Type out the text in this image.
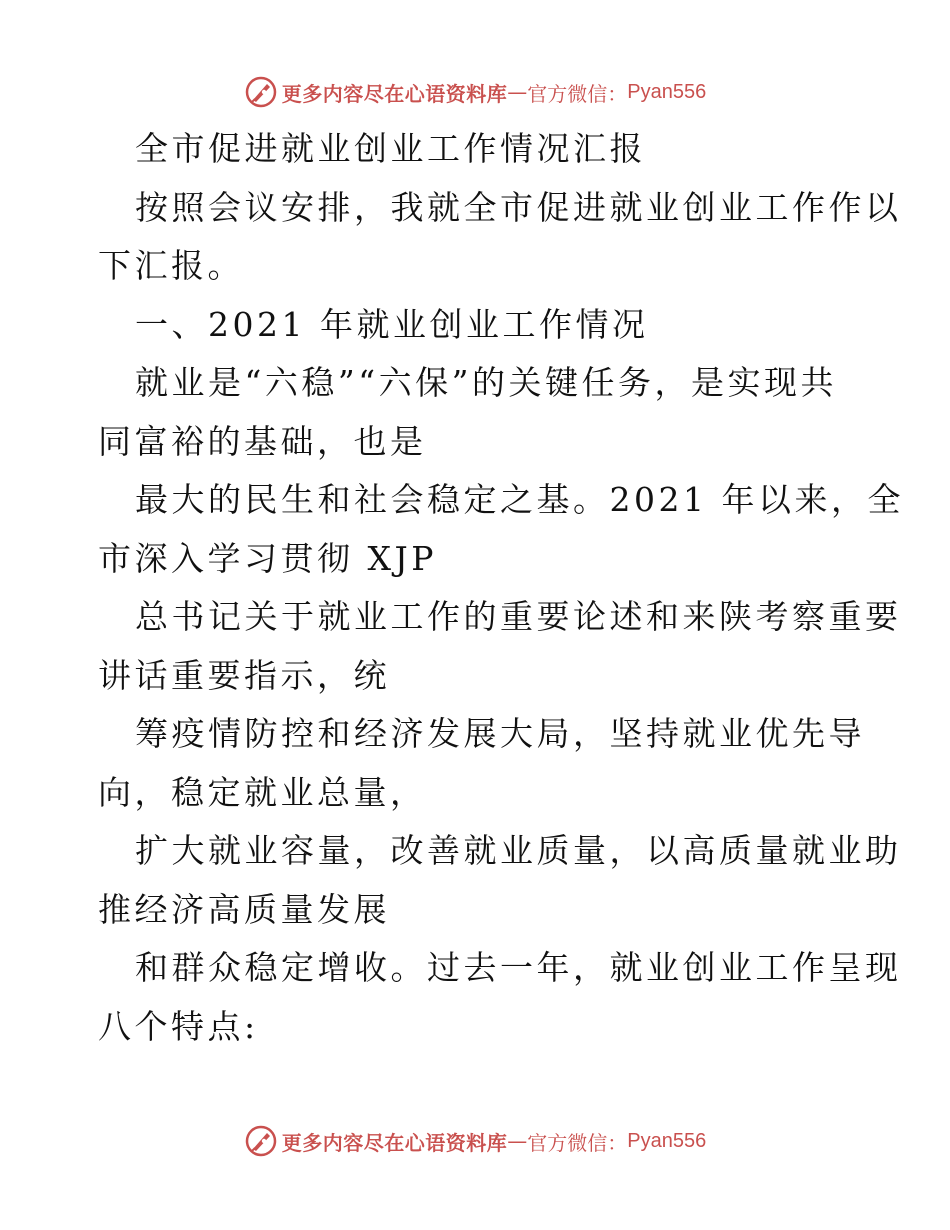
更多内容尽在心语资料库 — 官方微信： Pyan556
全市促进就业创业工作情况汇报
按照会议安排，我就全市促进就业创业工作作以
下汇报。
一、2021 年就业创业工作情况
就业是“六稳”“六保”的关键任务，是实现共
同富裕的基础，也是
最大的民生和社会稳定之基。2021 年以来，全
市深入学习贯彻 XJP
总书记关于就业工作的重要论述和来陕考察重要
讲话重要指示，统
筹疫情防控和经济发展大局，坚持就业优先导
向，稳定就业总量，
扩大就业容量，改善就业质量，以高质量就业助
推经济高质量发展
和群众稳定增收。过去一年，就业创业工作呈现
八个特点:
更多内容尽在心语资料库 — 官方微信： Pyan556
